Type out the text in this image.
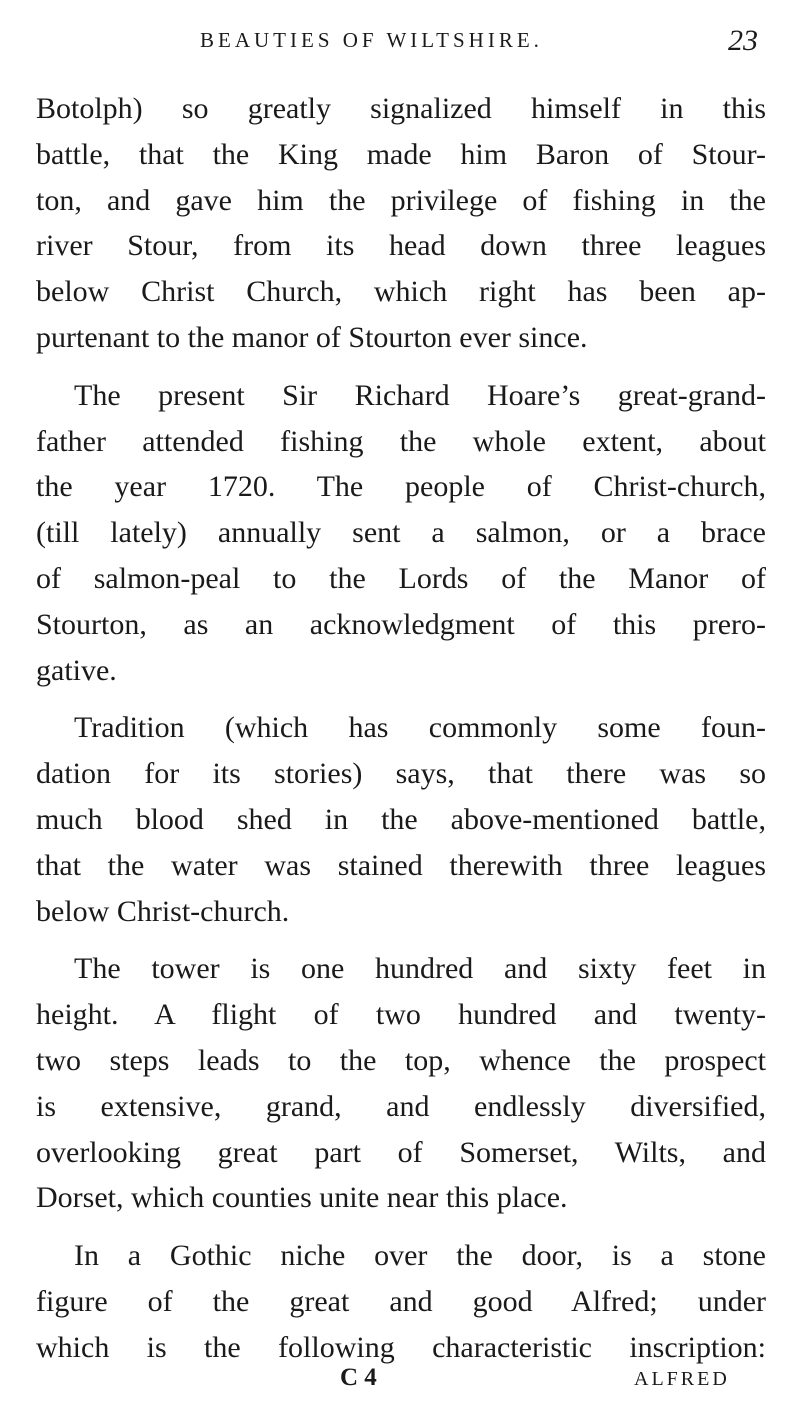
BEAUTIES OF WILTSHIRE.	23

Botolph) so greatly signalized himself in this
battle, that the King made him Baron of Stour-
ton, and gave him the privilege of fishing in the
river Stour, from its head down three leagues
below Christ Church, which right has been ap-
purtenant to the manor of Stourton ever since.

The present Sir Richard Hoare’s great-grand-
father attended fishing the whole extent, about
the year 1720. The people of Christ-church,
(till lately) annually sent a salmon, or a brace
of salmon-peal to the Lords of the Manor of
Stourton, as an acknowledgment of this prero-
gative.

Tradition (which has commonly some foun-
dation for its stories) says, that there was so
much blood shed in the above-mentioned battle,
that the water was stained therewith three leagues
below Christ-church.

The tower is one hundred and sixty feet in
height. A flight of two hundred and twenty-
two steps leads to the top, whence the prospect
is extensive, grand, and endlessly diversified,
overlooking great part of Somerset, Wilts, and
Dorset, which counties unite near this place.

In a Gothic niche over the door, is a stone
figure of the great and good Alfred; under
which is the following characteristic inscription:

C 4	ALFRED
